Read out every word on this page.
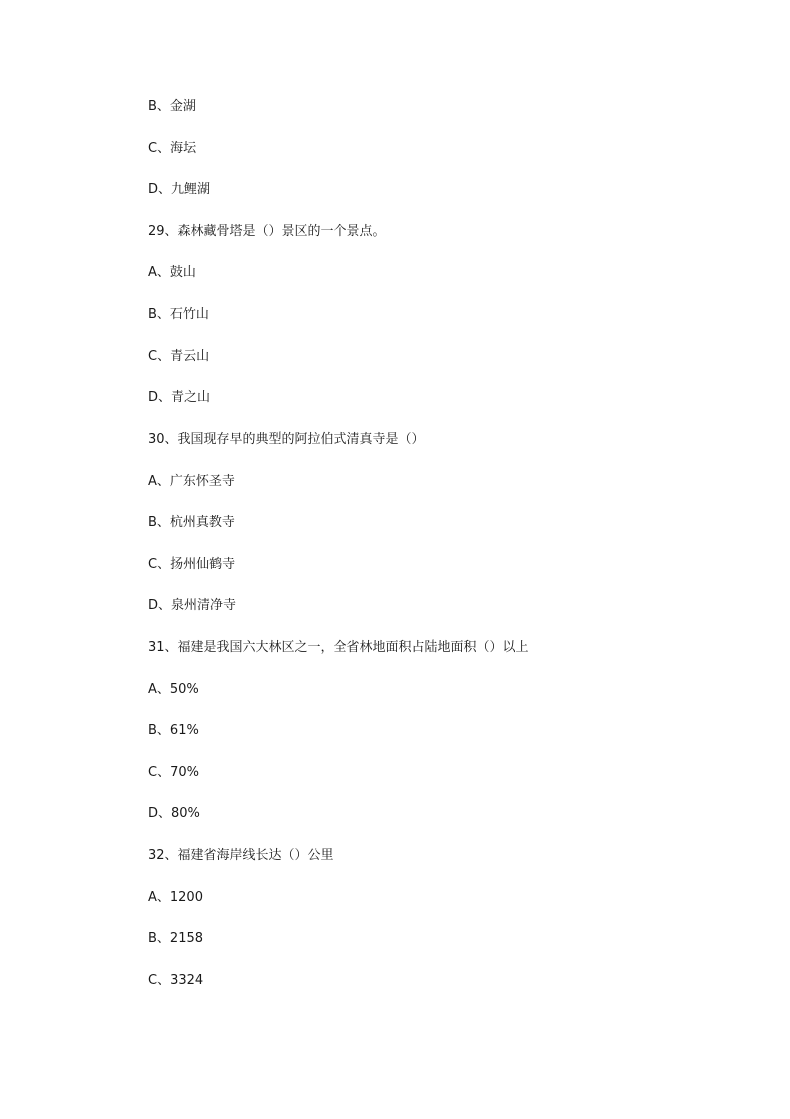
B、金湖
C、海坛
D、九鲤湖
29、森林藏骨塔是（）景区的一个景点。
A、鼓山
B、石竹山
C、青云山
D、青之山
30、我国现存早的典型的阿拉伯式清真寺是（）
A、广东怀圣寺
B、杭州真教寺
C、扬州仙鹤寺
D、泉州清净寺
31、福建是我国六大林区之一，全省林地面积占陆地面积（）以上
A、50%
B、61%
C、70%
D、80%
32、福建省海岸线长达（）公里
A、1200
B、2158
C、3324
